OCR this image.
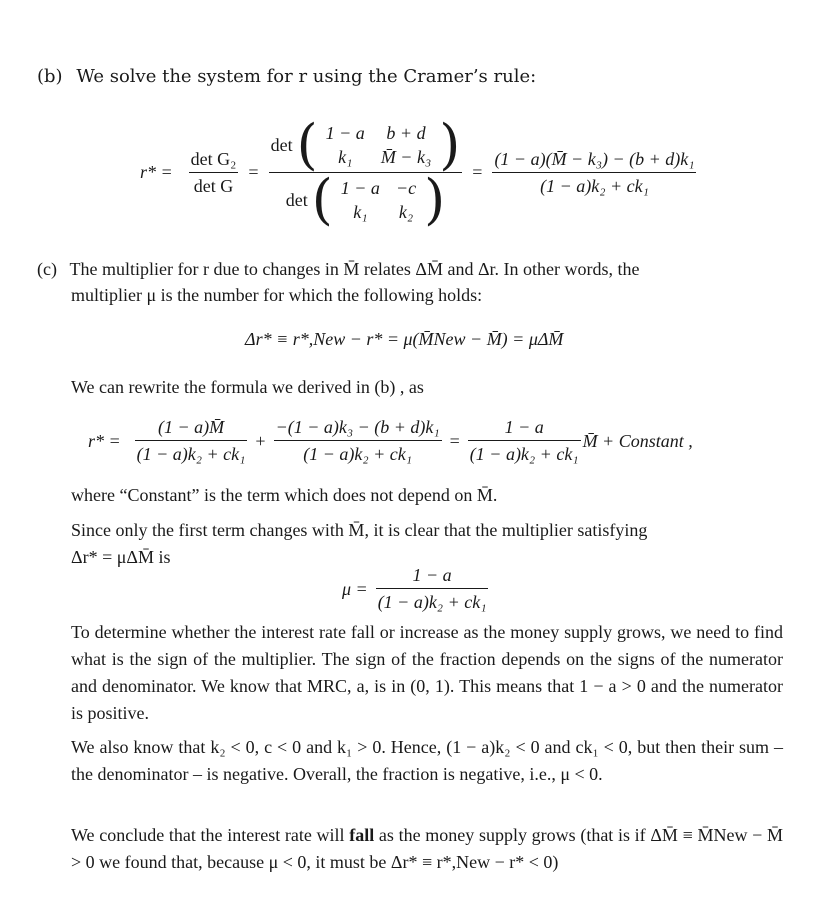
(b) We solve the system for r using the Cramer’s rule:
$r* = \frac{\text{det G₂}}{\text{det G}}$ =
det ( 1 − a	b + d
k₁	M̄ − k₃ )
det ( 1 − a	−c
k₁	k₂ ) = $\frac{\text{(1 − a)(M̄ − k₃) − (b + d)k₁}}{\text{(1 − a)k₂ + ck₁}}$
(c) The multiplier for r due to changes in M̄ relates ΔM̄ and Δr. In other words, the
multiplier μ is the number for which the following holds:
Δr* ≡ r*,New − r* = μ(M̄New − M̄) = μΔM̄
We can rewrite the formula we derived in (b) , as
$r* = \frac{(1 - a)M̄}{\text{(1 − a)k₂ + ck₁}} + \frac{\text{−(1 − a)k₃ − (b + d)k₁}}{\text{(1 − a)k₂ + ck₁}} = \frac{1 - a}{\text{(1 − a)k₂ + ck₁}}$ M̄ + Constant ,
where “Constant” is the term which does not depend on M̄.
Since only the first term changes with M̄, it is clear that the multiplier satisfying
Δr* = μΔM̄ is
$\mu = \frac{1 - a}{\text{(1 − a)k₂ + ck₁}}$
To determine whether the interest rate fall or increase as the money supply grows, we need to find what is the sign of the multiplier. The sign of the fraction depends on the signs of the numerator and denominator. We know that MRC, a, is in (0, 1). This means that 1 − a > 0 and the numerator is positive.
We also know that k₂ < 0, c < 0 and k₁ > 0. Hence, (1 − a)k₂ < 0 and ck₁ < 0, but then their sum – the denominator – is negative. Overall, the fraction is negative, i.e., μ < 0.
We conclude that the interest rate will fall as the money supply grows (that is if ΔM̄ ≡ M̄New − M̄ > 0 we found that, because μ < 0, it must be Δr* ≡ r*,New − r* < 0)
